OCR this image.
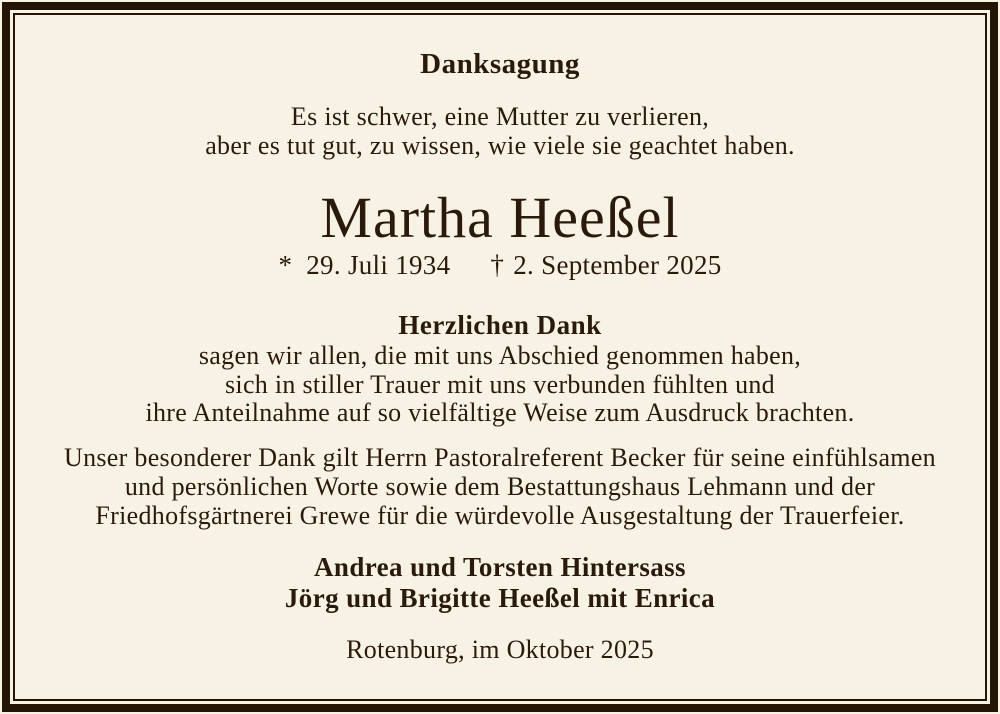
Danksagung
Es ist schwer, eine Mutter zu verlieren,
aber es tut gut, zu wissen, wie viele sie geachtet haben.
Martha Heeßel
* 29. Juli 1934 † 2. September 2025
Herzlichen Dank
sagen wir allen, die mit uns Abschied genommen haben,
sich in stiller Trauer mit uns verbunden fühlten und
ihre Anteilnahme auf so vielfältige Weise zum Ausdruck brachten.
Unser besonderer Dank gilt Herrn Pastoralreferent Becker für seine einfühlsamen
und persönlichen Worte sowie dem Bestattungshaus Lehmann und der
Friedhofsgärtnerei Grewe für die würdevolle Ausgestaltung der Trauerfeier.
Andrea und Torsten Hintersass
Jörg und Brigitte Heeßel mit Enrica
Rotenburg, im Oktober 2025
